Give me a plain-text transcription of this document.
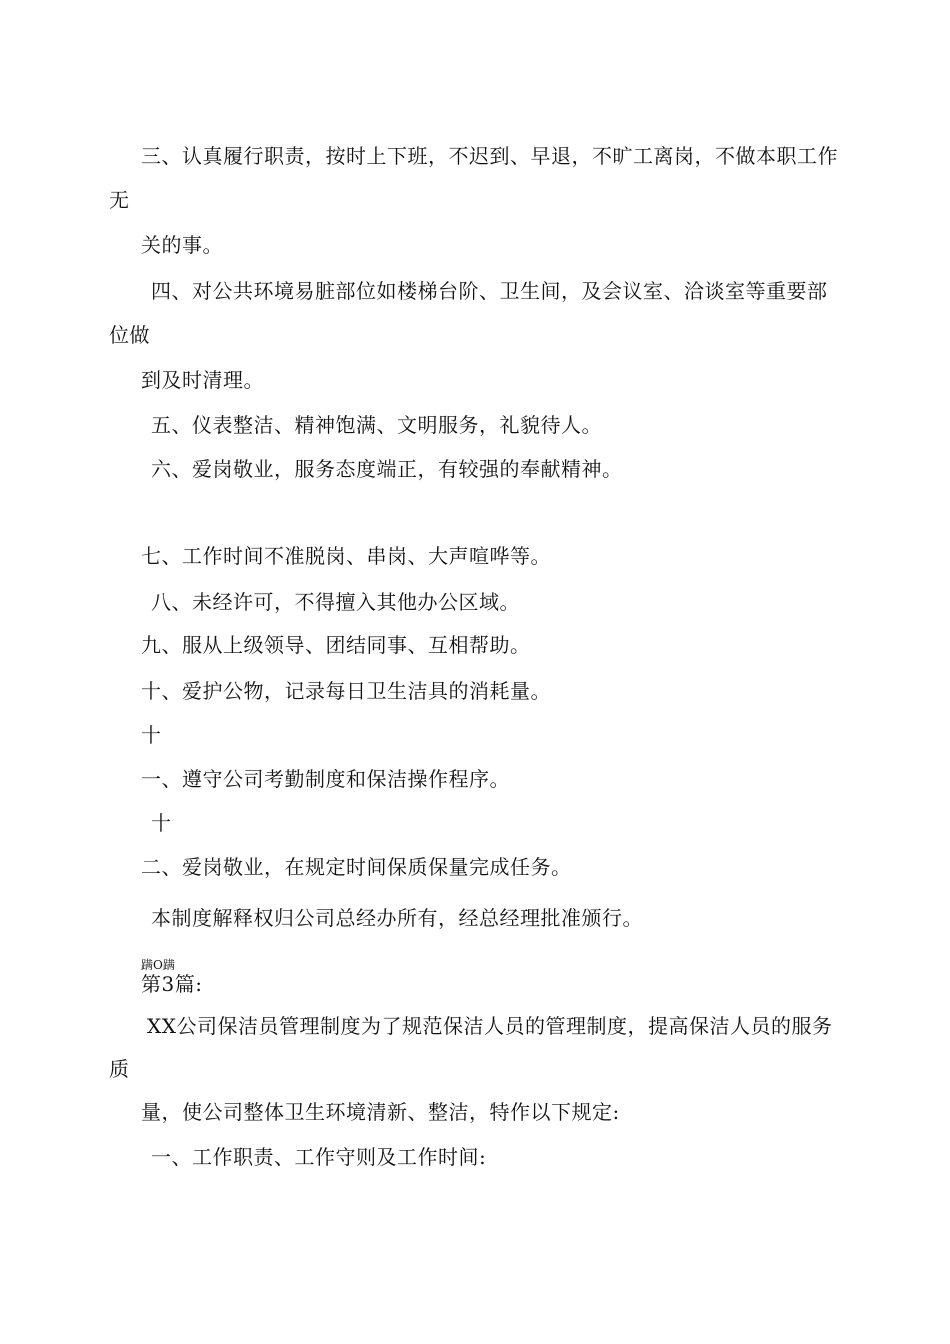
三、认真履行职责，按时上下班，不迟到、早退，不旷工离岗，不做本职工作
无
关的事。
四、对公共环境易脏部位如楼梯台阶、卫生间，及会议室、洽谈室等重要部
位做
到及时清理。
五、仪表整洁、精神饱满、文明服务，礼貌待人。
六、爱岗敬业，服务态度端正，有较强的奉献精神。
七、工作时间不准脱岗、串岗、大声喧哗等。
八、未经许可，不得擅入其他办公区域。
九、服从上级领导、团结同事、互相帮助。
十、爱护公物，记录每日卫生洁具的消耗量。
十
一、遵守公司考勤制度和保洁操作程序。
十
二、爱岗敬业，在规定时间保质保量完成任务。
本制度解释权归公司总经办所有，经总经理批准颁行。
蹒O蹒
第3篇:
XX公司保洁员管理制度为了规范保洁人员的管理制度，提高保洁人员的服务
质
量，使公司整体卫生环境清新、整洁，特作以下规定:
一、工作职责、工作守则及工作时间:
